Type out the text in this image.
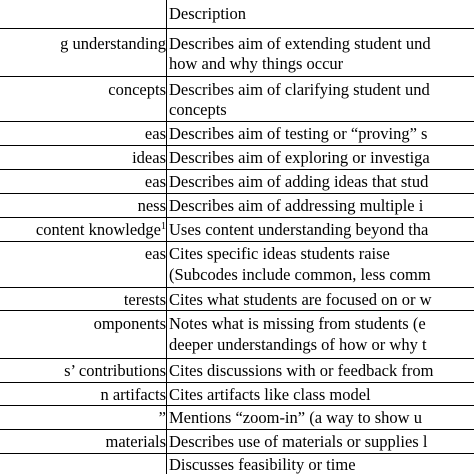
Description
g understanding Describes aim of extending student und
how and why things occur
concepts Describes aim of clarifying student und
concepts
eas Describes aim of testing or “proving” s
ideas Describes aim of exploring or investiga
eas Describes aim of adding ideas that stud
ness Describes aim of addressing multiple i
content knowledge$^1$ Uses content understanding beyond tha
eas Cites specific ideas students raise
(Subcodes include common, less comm
terests Cites what students are focused on or w
omponents Notes what is missing from students (e
deeper understandings of how or why t
s’ contributions Cites discussions with or feedback from
n artifacts Cites artifacts like class model
” Mentions “zoom-in” (a way to show u
materials Describes use of materials or supplies l
Discusses feasibility or time
